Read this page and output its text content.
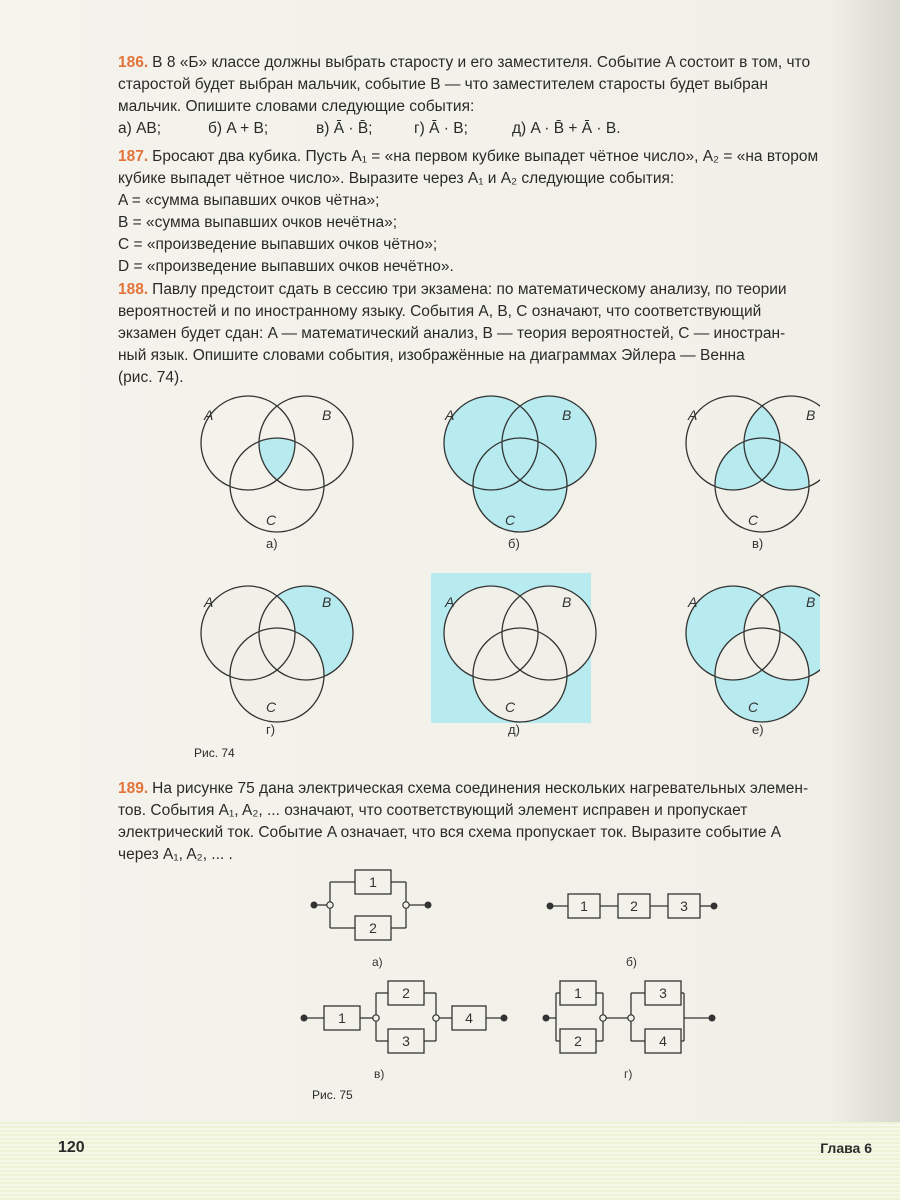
186. В 8 «Б» классе должны выбрать старосту и его заместителя. Событие A состоит в том, что
старостой будет выбран мальчик, событие B — что заместителем старосты будет выбран
мальчик. Опишите словами следующие события:
а) AB;	б) A + B;	в) Ā · B̄;	г) Ā · B;	д) A · B̄ + Ā · B.
187. Бросают два кубика. Пусть A₁ = «на первом кубике выпадет чётное число», A₂ = «на втором
кубике выпадет чётное число». Выразите через A₁ и A₂ следующие события:
A = «сумма выпавших очков чётна»;
B = «сумма выпавших очков нечётна»;
C = «произведение выпавших очков чётно»;
D = «произведение выпавших очков нечётно».
188. Павлу предстоит сдать в сессию три экзамена: по математическому анализу, по теории
вероятностей и по иностранному языку. События A, B, C означают, что соответствующий
экзамен будет сдан: A — математический анализ, B — теория вероятностей, C — иностран-
ный язык. Опишите словами события, изображённые на диаграммах Эйлера — Венна
(рис. 74).
A	B
C
A	B
C
A	B
C
A	B
C
A	B
C
A	B
C
а)	б)	в)
г)	д)	е)
Рис. 74
189. На рисунке 75 дана электрическая схема соединения нескольких нагревательных элемен-
тов. События A₁, A₂, ... означают, что соответствующий элемент исправен и пропускает
электрический ток. Событие A означает, что вся схема пропускает ток. Выразите событие A
через A₁, A₂, ... .
1
2
1	2	3
1
2
3
4
1
2
3
4
а)	б)
в)	г)
Рис. 75
120	Глава 6
